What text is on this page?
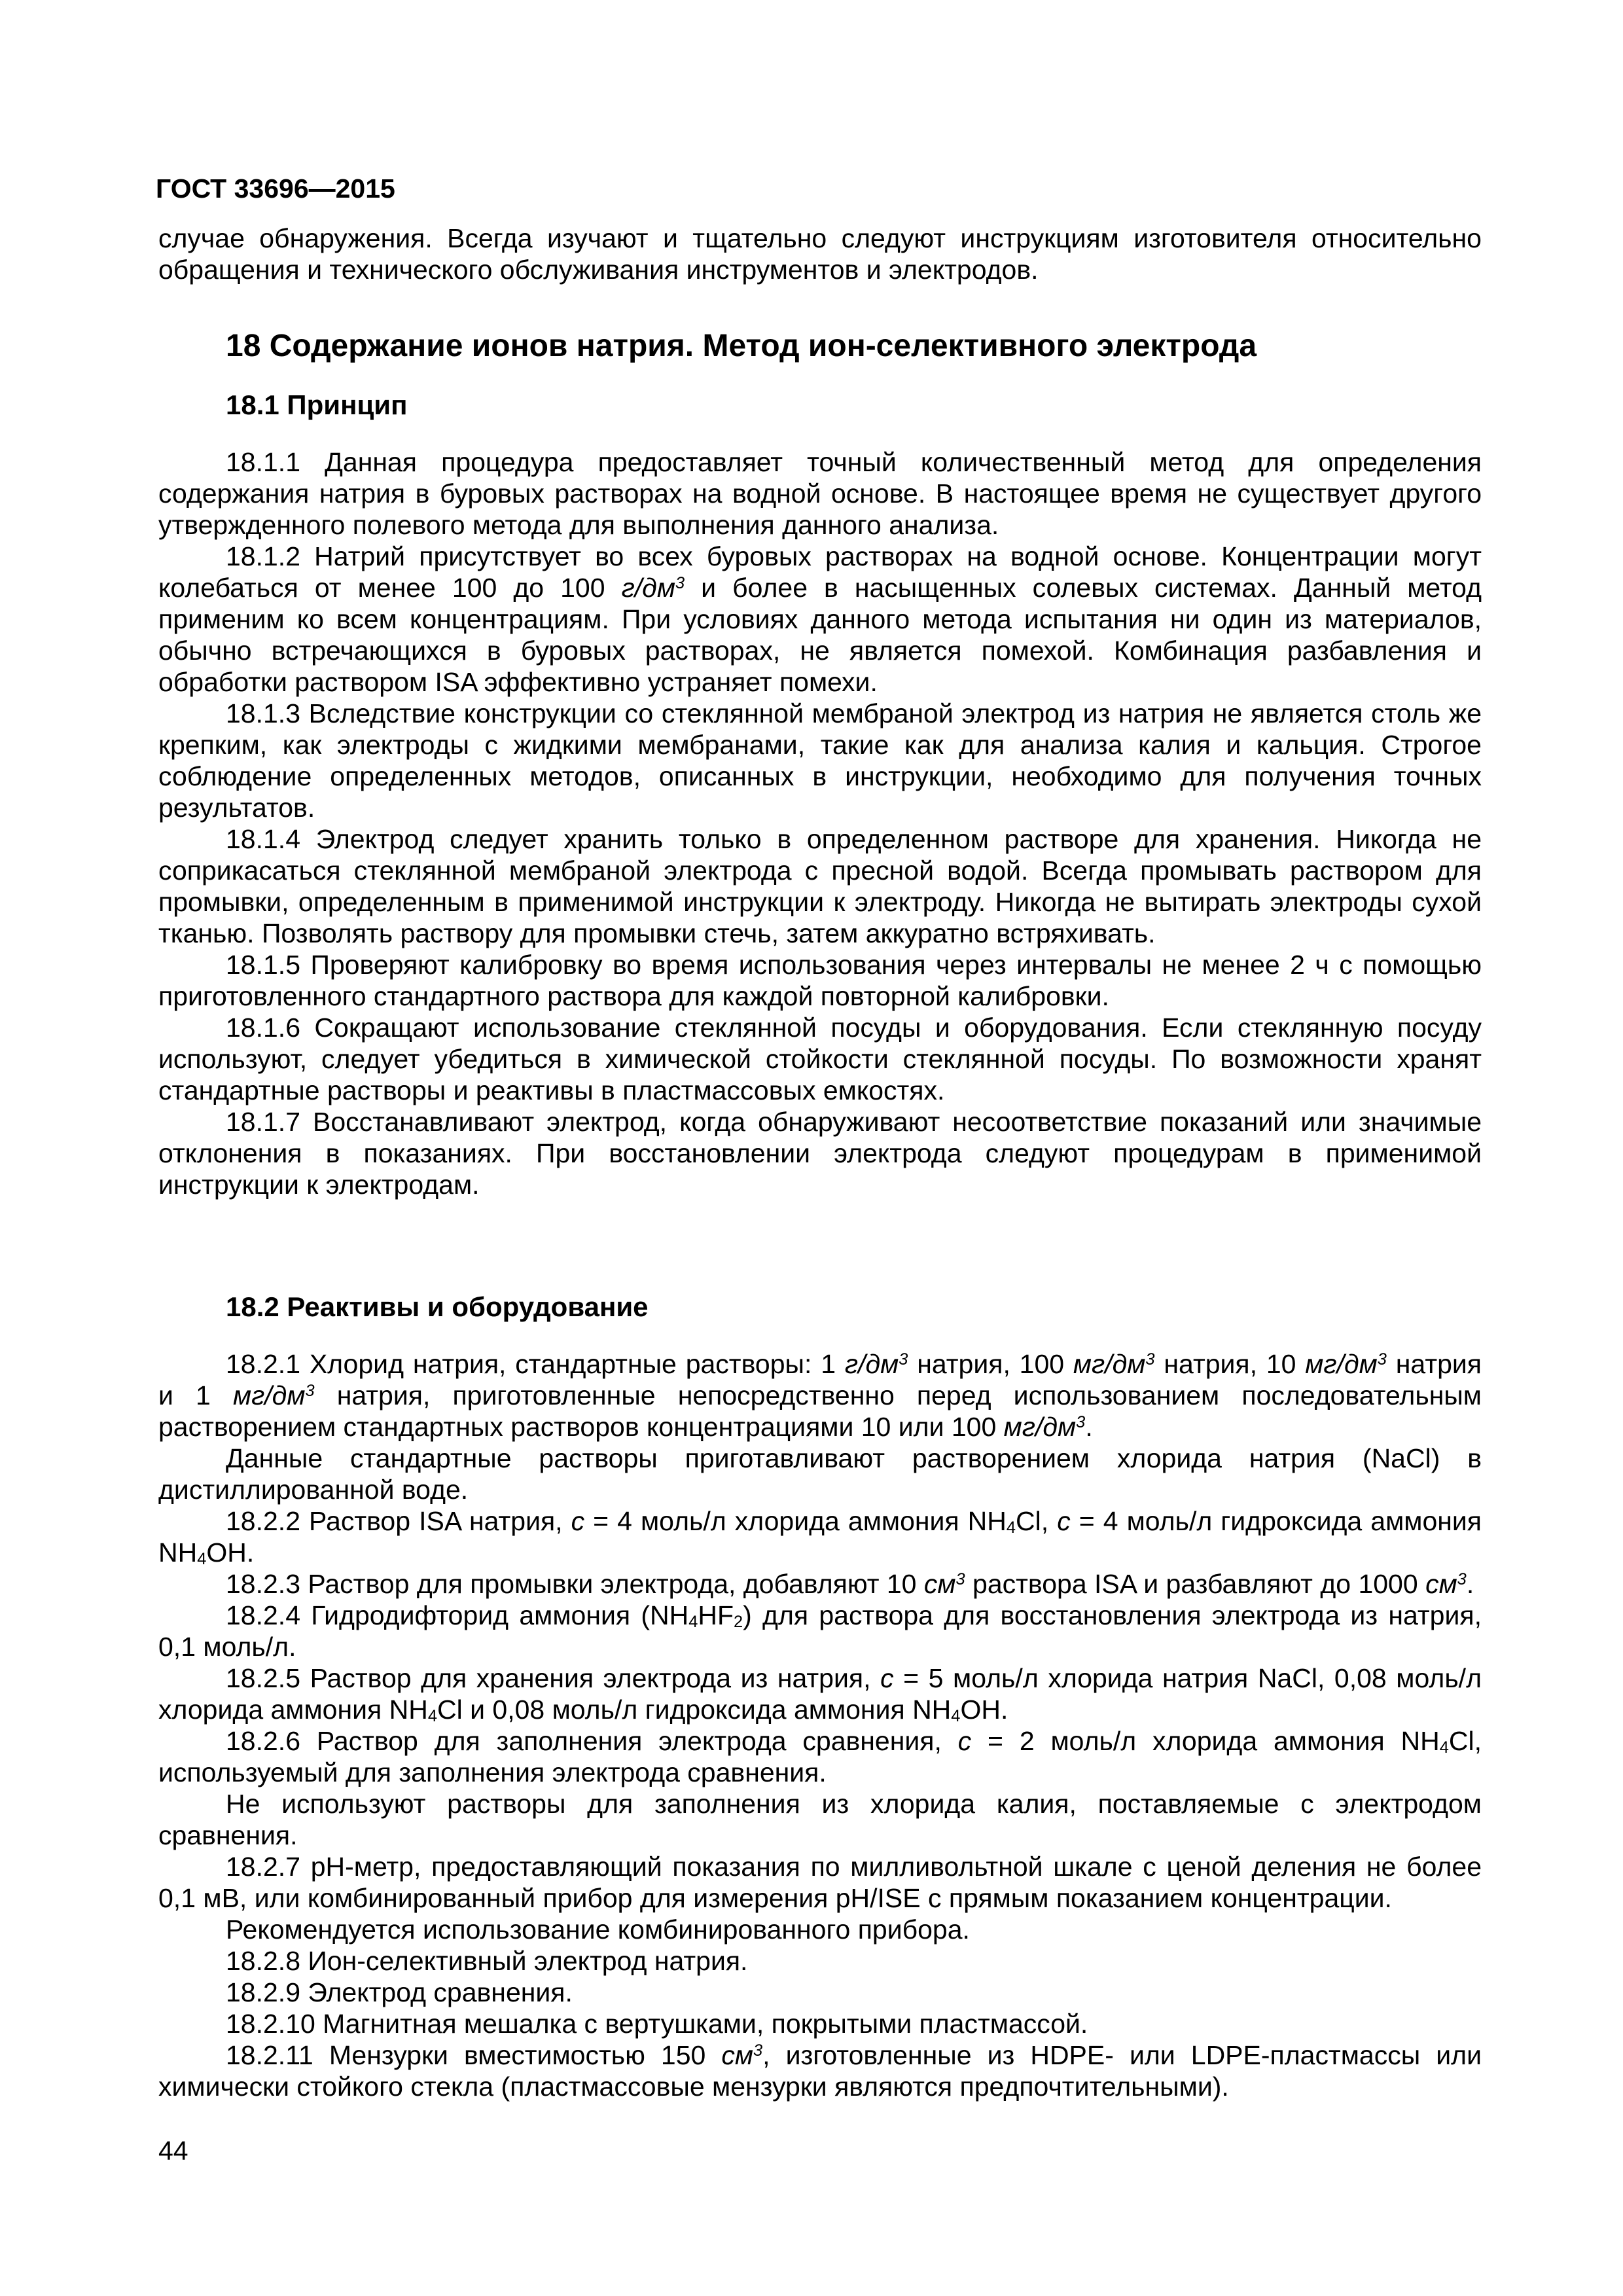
ГОСТ 33696—2015
случае обнаружения. Всегда изучают и тщательно следуют инструкциям изготовителя относительно обращения и технического обслуживания инструментов и электродов.
18 Содержание ионов натрия. Метод ион-селективного электрода
18.1 Принцип
18.1.1 Данная процедура предоставляет точный количественный метод для определения содержания натрия в буровых растворах на водной основе. В настоящее время не существует другого утвержденного полевого метода для выполнения данного анализа.
18.1.2 Натрий присутствует во всех буровых растворах на водной основе. Концентрации могут колебаться от менее 100 до 100 $г/дм^3$ и более в насыщенных солевых системах. Данный метод применим ко всем концентрациям. При условиях данного метода испытания ни один из материалов, обычно встречающихся в буровых растворах, не является помехой. Комбинация разбавления и обработки раствором ISA эффективно устраняет помехи.
18.1.3 Вследствие конструкции со стеклянной мембраной электрод из натрия не является столь же крепким, как электроды с жидкими мембранами, такие как для анализа калия и кальция. Строгое соблюдение определенных методов, описанных в инструкции, необходимо для получения точных результатов.
18.1.4 Электрод следует хранить только в определенном растворе для хранения. Никогда не соприкасаться стеклянной мембраной электрода с пресной водой. Всегда промывать раствором для промывки, определенным в применимой инструкции к электроду. Никогда не вытирать электроды сухой тканью. Позволять раствору для промывки стечь, затем аккуратно встряхивать.
18.1.5 Проверяют калибровку во время использования через интервалы не менее 2 ч с помощью приготовленного стандартного раствора для каждой повторной калибровки.
18.1.6 Сокращают использование стеклянной посуды и оборудования. Если стеклянную посуду используют, следует убедиться в химической стойкости стеклянной посуды. По возможности хранят стандартные растворы и реактивы в пластмассовых емкостях.
18.1.7 Восстанавливают электрод, когда обнаруживают несоответствие показаний или значимые отклонения в показаниях. При восстановлении электрода следуют процедурам в применимой инструкции к электродам.
18.2 Реактивы и оборудование
18.2.1 Хлорид натрия, стандартные растворы: 1 $г/дм^3$ натрия, 100 $мг/дм^3$ натрия, 10 $мг/дм^3$ натрия и 1 $мг/дм^3$ натрия, приготовленные непосредственно перед использованием последовательным растворением стандартных растворов концентрациями 10 или 100 $мг/дм^3$.
Данные стандартные растворы приготавливают растворением хлорида натрия (NaCl) в дистиллированной воде.
18.2.2 Раствор ISA натрия, c = 4 моль/л хлорида аммония NH4Cl, c = 4 моль/л гидроксида аммония NH4OH.
18.2.3 Раствор для промывки электрода, добавляют 10 $см^3$ раствора ISA и разбавляют до 1000 $см^3$.
18.2.4 Гидродифторид аммония (NH4HF2) для раствора для восстановления электрода из натрия, 0,1 моль/л.
18.2.5 Раствор для хранения электрода из натрия, c = 5 моль/л хлорида натрия NaCl, 0,08 моль/л хлорида аммония NH4Cl и 0,08 моль/л гидроксида аммония NH4OH.
18.2.6 Раствор для заполнения электрода сравнения, c = 2 моль/л хлорида аммония NH4Cl, используемый для заполнения электрода сравнения.
Не используют растворы для заполнения из хлорида калия, поставляемые с электродом сравнения.
18.2.7 pH-метр, предоставляющий показания по милливольтной шкале с ценой деления не более 0,1 мВ, или комбинированный прибор для измерения pH/ISE с прямым показанием концентрации.
Рекомендуется использование комбинированного прибора.
18.2.8 Ион-селективный электрод натрия.
18.2.9 Электрод сравнения.
18.2.10 Магнитная мешалка с вертушками, покрытыми пластмассой.
18.2.11 Мензурки вместимостью 150 $см^3$, изготовленные из HDPE- или LDPE-пластмассы или химически стойкого стекла (пластмассовые мензурки являются предпочтительными).
44
